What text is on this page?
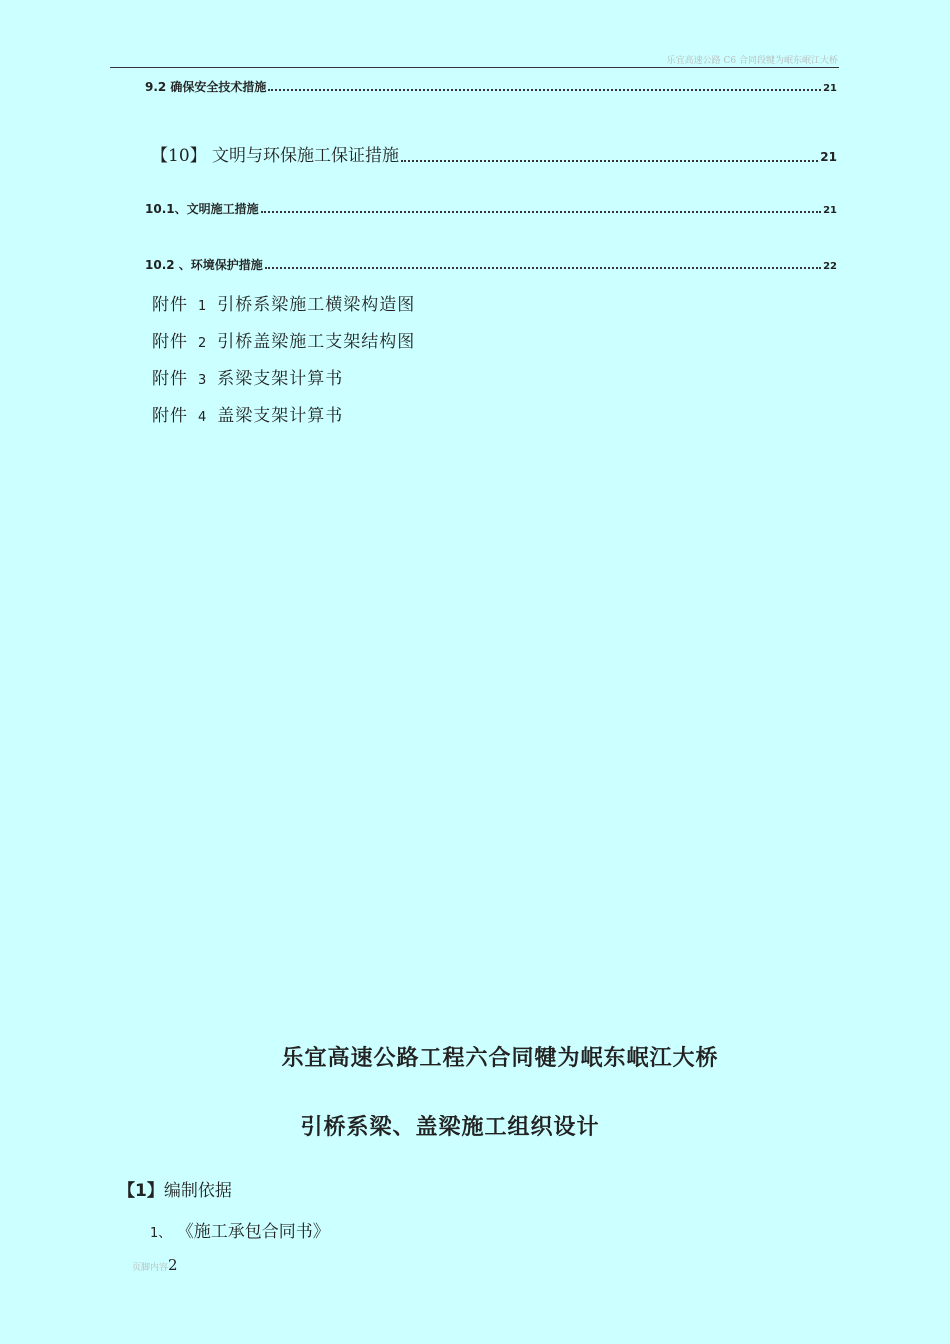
乐宜高速公路 C6 合同段犍为岷东岷江大桥
9.2 确保安全技术措施	21
【10】 文明与环保施工保证措施	21
10.1、文明施工措施	21
10.2 、环境保护措施	22
附件 1 引桥系梁施工横梁构造图
附件 2 引桥盖梁施工支架结构图
附件 3 系梁支架计算书
附件 4 盖梁支架计算书
乐宜高速公路工程六合同犍为岷东岷江大桥
引桥系梁、盖梁施工组织设计
【1】编制依据
1、 《施工承包合同书》
页脚内容2
